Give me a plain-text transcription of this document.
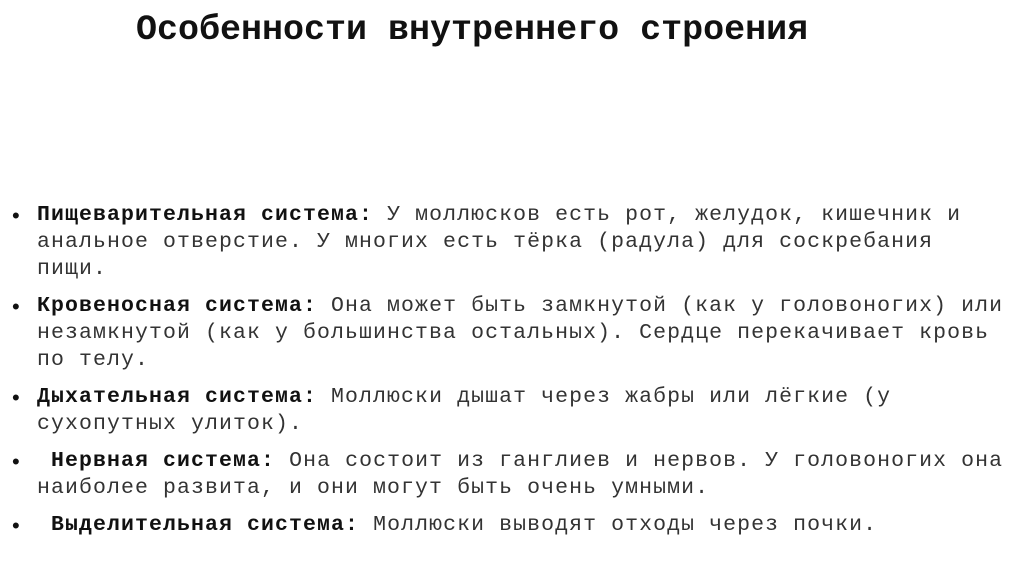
Особенности внутреннего строения
• Пищеварительная система: У моллюсков есть рот, желудок, кишечник и анальное отверстие. У многих есть тёрка (радула) для соскребания пищи.
• Кровеносная система: Она может быть замкнутой (как у головоногих) или незамкнутой (как у большинства остальных). Сердце перекачивает кровь по телу.
• Дыхательная система: Моллюски дышат через жабры или лёгкие (у сухопутных улиток).
• Нервная система: Она состоит из ганглиев и нервов. У головоногих она наиболее развита, и они могут быть очень умными.
• Выделительная система: Моллюски выводят отходы через почки.
